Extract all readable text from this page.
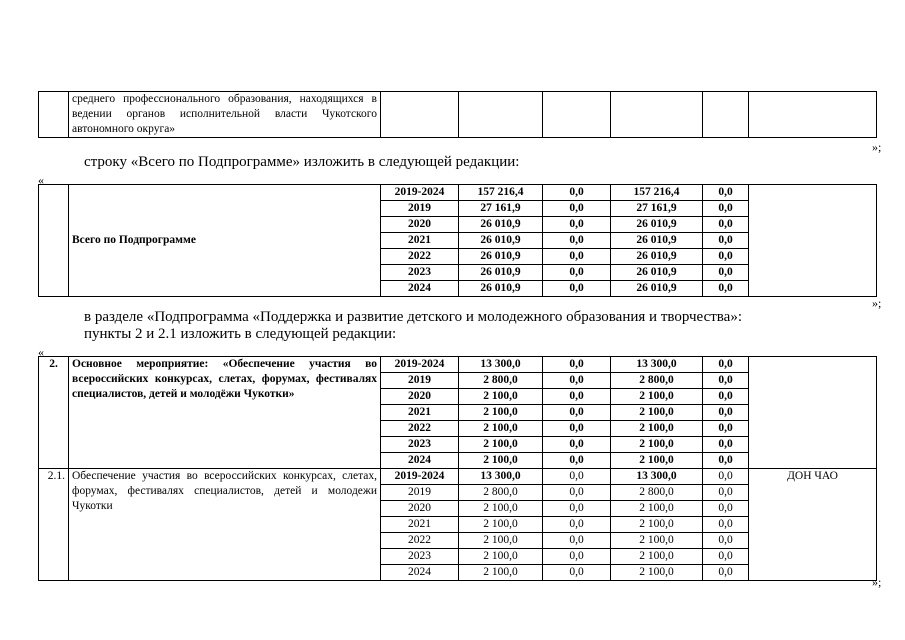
	среднего профессионального образования, находящихся в ведении органов исполнительной власти Чукотского автономного округа»						
»;
строку «Всего по Подпрограмме» изложить в следующей редакции:
«
	Всего по Подпрограмме	2019-2024	157 216,4	0,0	157 216,4	0,0	
		2019	27 161,9	0,0	27 161,9	0,0	
		2020	26 010,9	0,0	26 010,9	0,0	
		2021	26 010,9	0,0	26 010,9	0,0	
		2022	26 010,9	0,0	26 010,9	0,0	
		2023	26 010,9	0,0	26 010,9	0,0	
		2024	26 010,9	0,0	26 010,9	0,0	
»;
в разделе «Подпрограмма «Поддержка и развитие детского и молодежного образования и творчества»:
пункты 2 и 2.1 изложить в следующей редакции:
«
2.	Основное мероприятие: «Обеспечение участия во всероссийских конкурсах, слетах, форумах, фестивалях специалистов, детей и молодёжи Чукотки»	2019-2024	13 300,0	0,0	13 300,0	0,0	
		2019	2 800,0	0,0	2 800,0	0,0	
		2020	2 100,0	0,0	2 100,0	0,0	
		2021	2 100,0	0,0	2 100,0	0,0	
		2022	2 100,0	0,0	2 100,0	0,0	
		2023	2 100,0	0,0	2 100,0	0,0	
		2024	2 100,0	0,0	2 100,0	0,0	
2.1.	Обеспечение участия во всероссийских конкурсах, слетах, форумах, фестивалях специалистов, детей и молодежи Чукотки	2019-2024	13 300,0	0,0	13 300,0	0,0	ДОН ЧАО
		2019	2 800,0	0,0	2 800,0	0,0	
		2020	2 100,0	0,0	2 100,0	0,0	
		2021	2 100,0	0,0	2 100,0	0,0	
		2022	2 100,0	0,0	2 100,0	0,0	
		2023	2 100,0	0,0	2 100,0	0,0	
		2024	2 100,0	0,0	2 100,0	0,0	
»;
